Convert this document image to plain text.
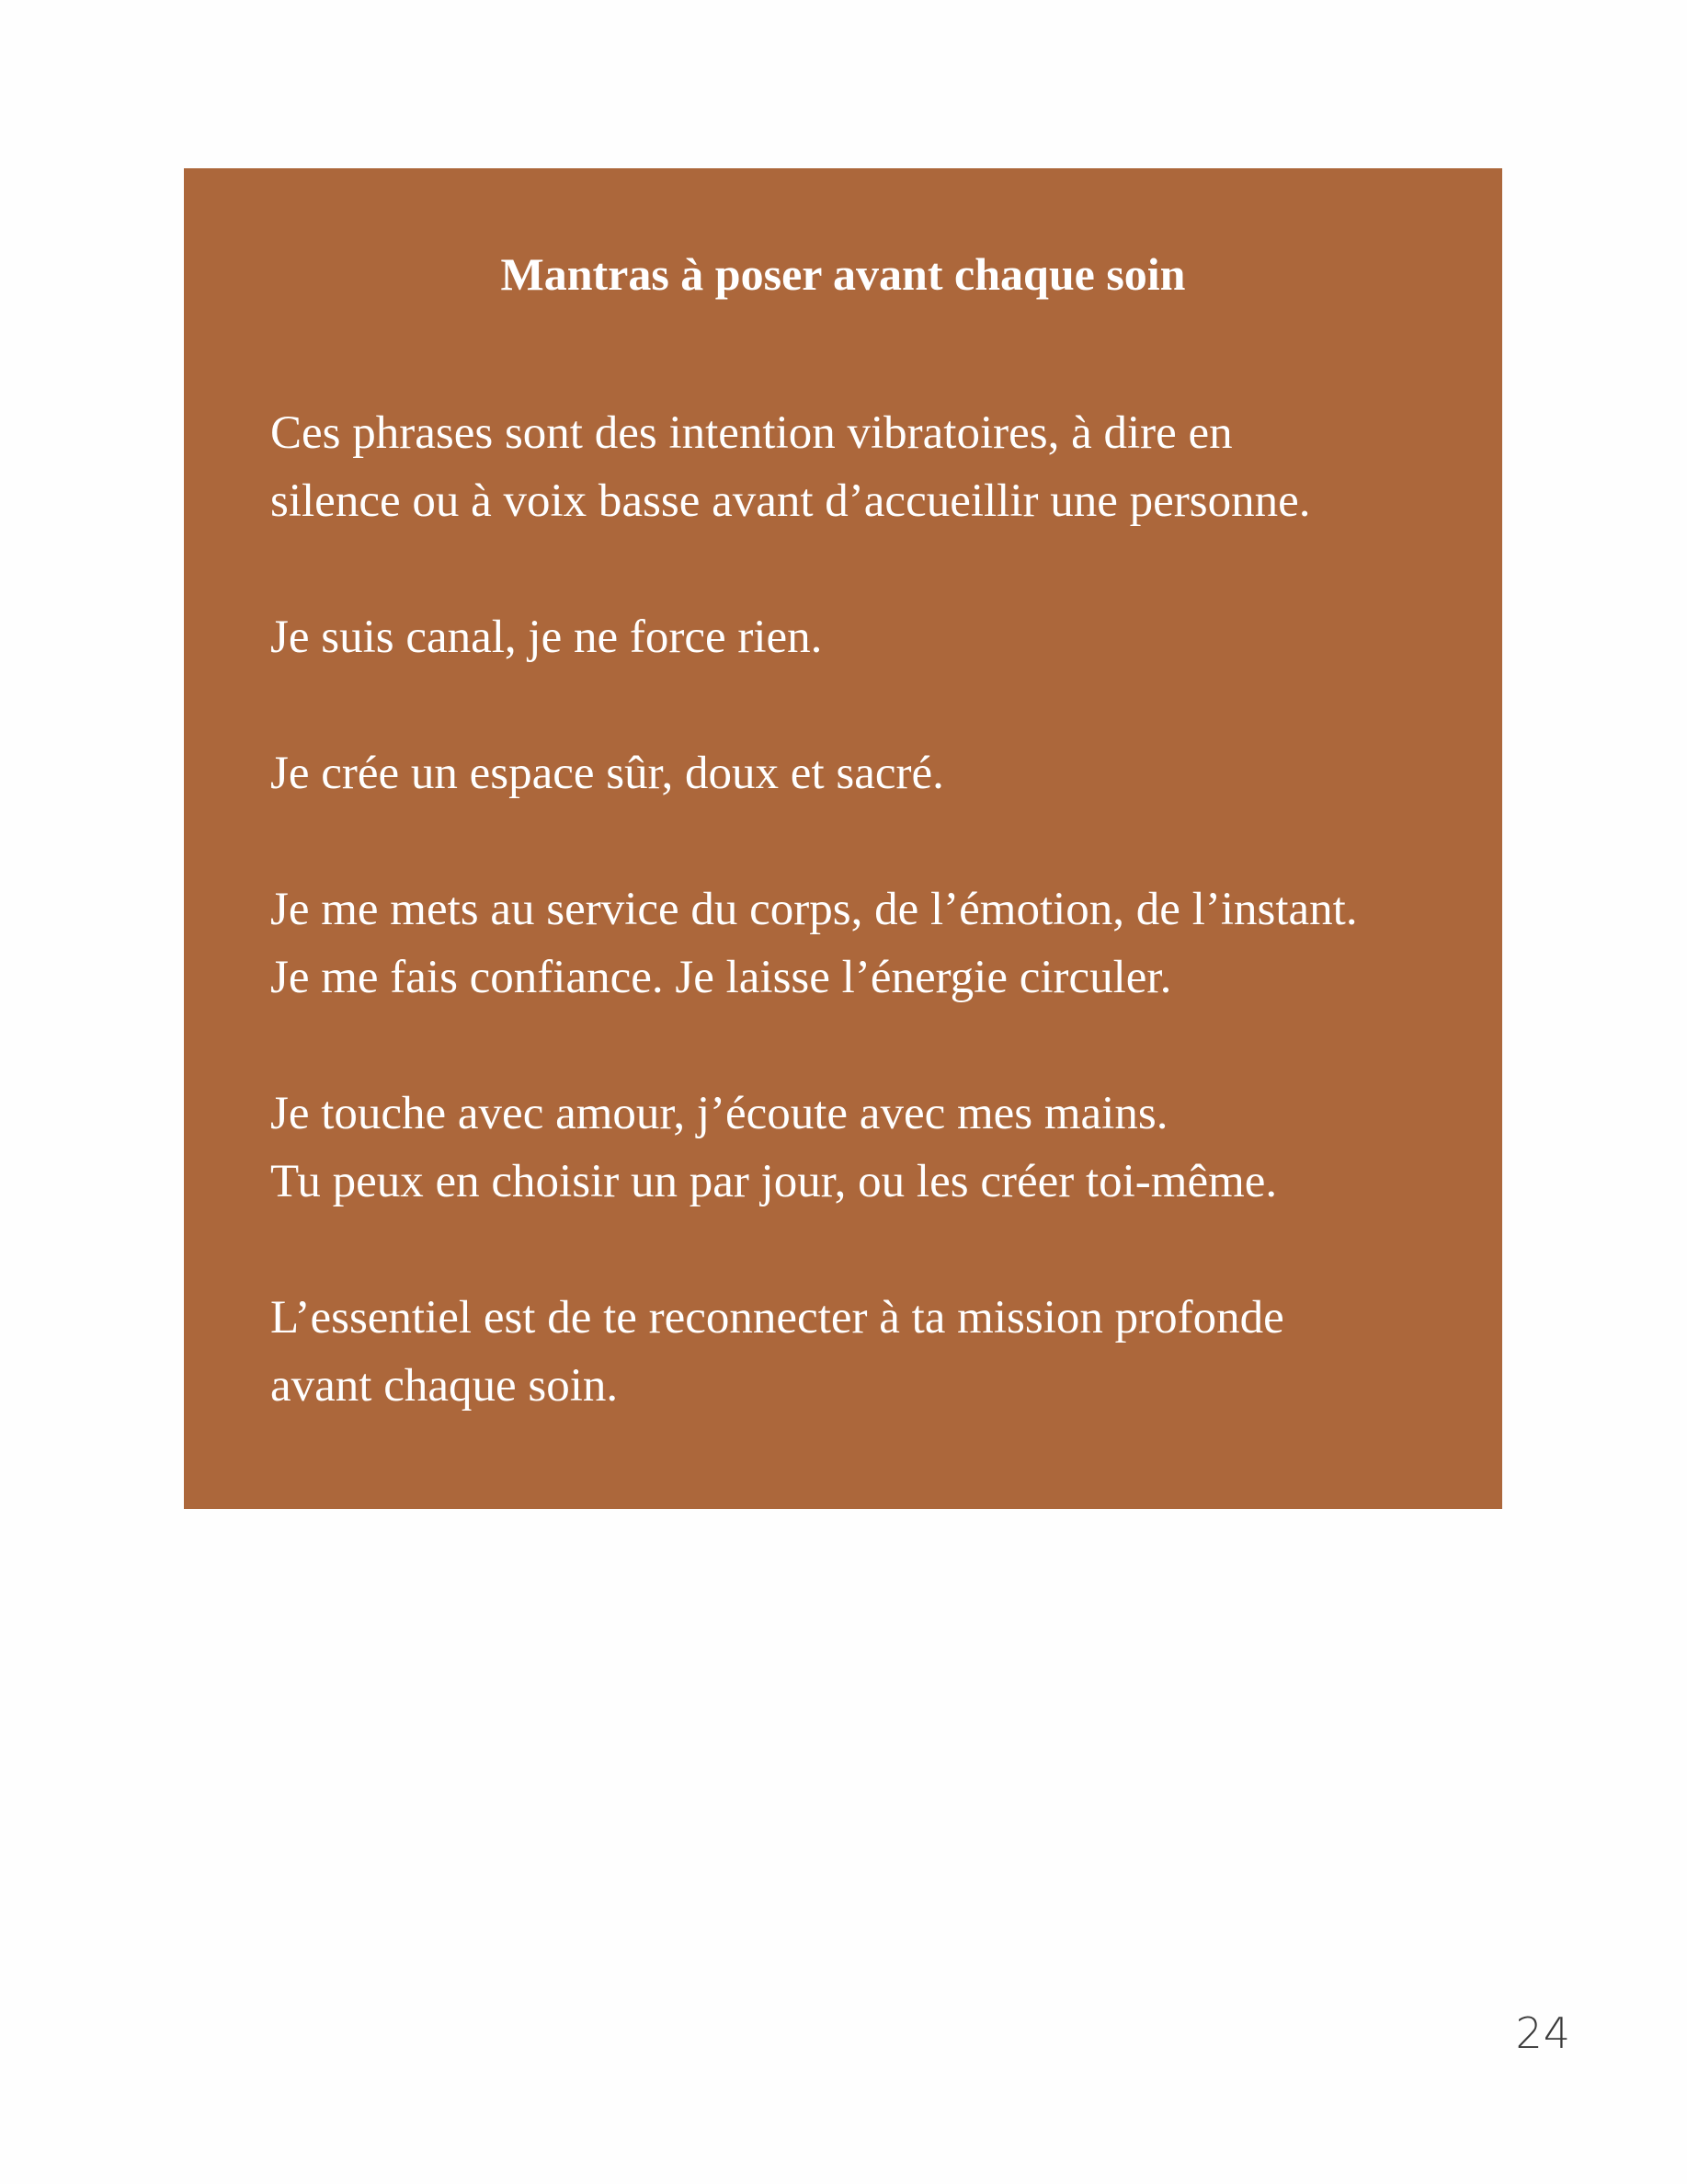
Mantras à poser avant chaque soin

Ces phrases sont des intention vibratoires, à dire en
silence ou à voix basse avant d’accueillir une personne.

Je suis canal, je ne force rien.

Je crée un espace sûr, doux et sacré.

Je me mets au service du corps, de l’émotion, de l’instant.
Je me fais confiance. Je laisse l’énergie circuler.

Je touche avec amour, j’écoute avec mes mains.
Tu peux en choisir un par jour, ou les créer toi-même.

L’essentiel est de te reconnecter à ta mission profonde
avant chaque soin.

24
